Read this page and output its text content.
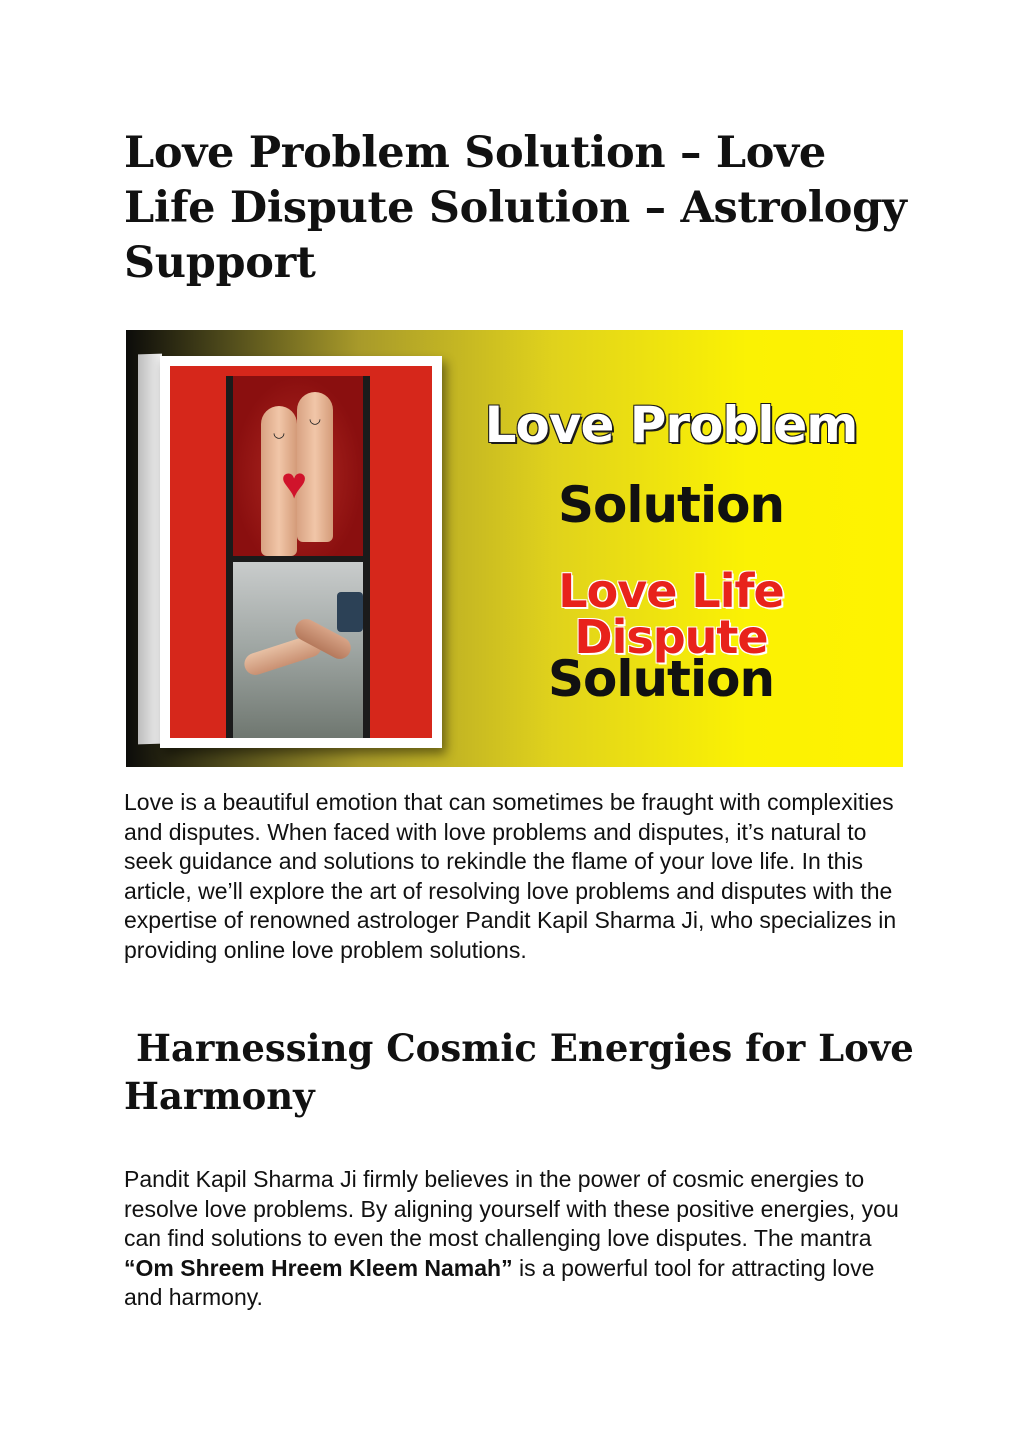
Love Problem Solution – Love Life Dispute Solution – Astrology Support
◡
◡
♥
Love Problem
Solution
Love Life Dispute
Solution

Love is a beautiful emotion that can sometimes be fraught with complexities and disputes. When faced with love problems and disputes, it’s natural to seek guidance and solutions to rekindle the flame of your love life. In this article, we’ll explore the art of resolving love problems and disputes with the expertise of renowned astrologer Pandit Kapil Sharma Ji, who specializes in providing online love problem solutions.

Harnessing Cosmic Energies for Love Harmony

Pandit Kapil Sharma Ji firmly believes in the power of cosmic energies to resolve love problems. By aligning yourself with these positive energies, you can find solutions to even the most challenging love disputes. The mantra “Om Shreem Hreem Kleem Namah” is a powerful tool for attracting love and harmony.
